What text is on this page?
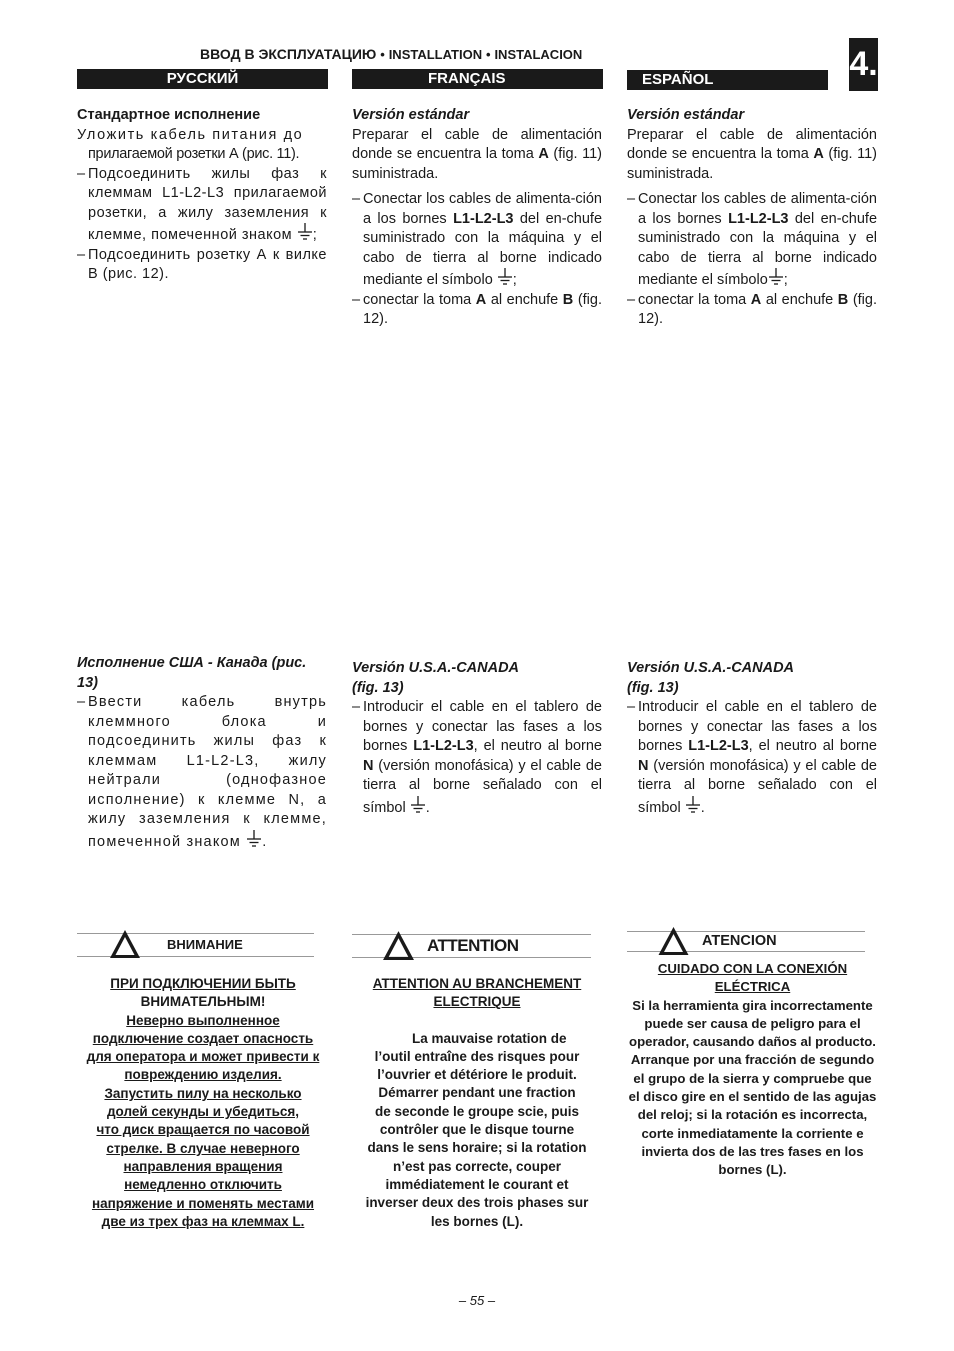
ВВОД В ЭКСПЛУАТАЦИЮ • INSTALLATION • INSTALACION	4.
РУССКИЙ	FRANÇAIS	ESPAÑOL

Стандартное исполнение

Уложить кабель питания до

прилагаемой розетки А (рис. 11).

– Подсоединить жилы фаз к клеммам L1-L2-L3 прилагаемой розетки, а жилу заземления к клемме, помеченной знаком ;
– Подсоединить розетку А к вилке В (рис. 12).

Исполнение США - Канада (рис. 13)

– Ввести кабель внутрь клеммного блока и подсоединить жилы фаз к клеммам L1-L2-L3, жилу нейтрали (однофазное исполнение) к клемме N, а жилу заземления к клемме, помеченной знаком .

Versión estándar

Preparar el cable de alimentación donde se encuentra la toma A (fig. 11) suministrada.

– Conectar los cables de alimenta-ción a los bornes L1-L2-L3 del en-chufe suministrado con la máquina y el cabo de tierra al borne indicado mediante el símbolo ;
– conectar la toma A al enchufe B (fig. 12).

Versión U.S.A.-CANADA

(fig. 13)

– Introducir el cable en el tablero de bornes y conectar las fases a los bornes L1-L2-L3, el neutro al borne N (versión monofásica) y el cable de tierra al borne señalado con el símbol .

Versión estándar

Preparar el cable de alimentación donde se encuentra la toma A (fig. 11) suministrada.

– Conectar los cables de alimenta-ción a los bornes L1-L2-L3 del en-chufe suministrado con la máquina y el cabo de tierra al borne indicado mediante el símbolo ;
– conectar la toma A al enchufe B (fig. 12).

Versión U.S.A.-CANADA

(fig. 13)

– Introducir el cable en el tablero de bornes y conectar las fases a los bornes L1-L2-L3, el neutro al borne N (versión monofásica) y el cable de tierra al borne señalado con el símbol .
ВНИМАНИЕ

ПРИ ПОДКЛЮЧЕНИИ БЫТЬ

ВНИМАТЕЛЬНЫМ!

Неверно выполненное

подключение создает опасность

для оператора и может привести к

повреждению изделия.

Запустить пилу на несколько

долей секунды и убедиться,

что диск вращается по часовой

стрелке. В случае неверного

направления вращения

немедленно отключить

напряжение и поменять местами

две из трех фаз на клеммах L.

ATTENTION

ATTENTION AU BRANCHEMENT

ELECTRIQUE

La mauvaise rotation de

l’outil entraîne des risques pour

l’ouvrier et détériore le produit.

Démarrer pendant une fraction

de seconde le groupe scie, puis

contrôler que le disque tourne

dans le sens horaire; si la rotation

n’est pas correcte, couper

immédiatement le courant et

inverser deux des trois phases sur

les bornes (L).

ATENCION

CUIDADO CON LA CONEXIÓN

ELÉCTRICA

Si la herramienta gira incorrectamente

puede ser causa de peligro para el

operador, causando daños al producto.

Arranque por una fracción de segundo

el grupo de la sierra y compruebe que

el disco gire en el sentido de las agujas

del reloj; si la rotación es incorrecta,

corte inmediatamente la corriente e

invierta dos de las tres fases en los

bornes (L).

– 55 –
